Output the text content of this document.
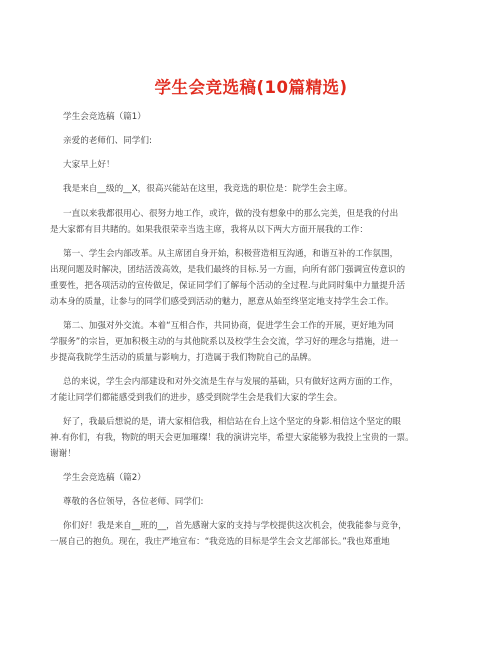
学生会竞选稿(10篇精选)
学生会竞选稿（篇1）
亲爱的老师们、同学们:
大家早上好！
我是来自__级的__X，很高兴能站在这里，我竞选的职位是：院学生会主席。
一直以来我都很用心、很努力地工作，或许，做的没有想象中的那么完美，但是我的付出
是大家都有目共睹的。如果我很荣幸当选主席，我将从以下两大方面开展我的工作：
第一、学生会内部改革。从主席团自身开始，积极营造相互沟通，和谐互补的工作氛围，
出现问题及时解决，团结活泼高效，是我们最终的目标.另一方面，向所有部门强调宣传意识的
重要性，把各项活动的宣传做足，保证同学们了解每个活动的全过程.与此同时集中力量提升活
动本身的质量，让参与的同学们感受到活动的魅力，愿意从始至终坚定地支持学生会工作。
第二、加强对外交流。本着“互相合作，共同协商，促进学生会工作的开展，更好地为同
学服务”的宗旨，更加积极主动的与其他院系以及校学生会交流，学习好的理念与措施，进一
步提高我院学生活动的质量与影响力，打造属于我们物院自己的品牌。
总的来说，学生会内部建设和对外交流是生存与发展的基础，只有做好这两方面的工作，
才能让同学们都能感受到我们的进步，感受到院学生会是我们大家的学生会。
好了，我最后想说的是，请大家相信我，相信站在台上这个坚定的身影.相信这个坚定的眼
神.有你们，有我，物院的明天会更加璀璨！我的演讲完毕，希望大家能够为我投上宝贵的一票。
谢谢！
学生会竞选稿（篇2）
尊敬的各位领导，各位老师、同学们:
你们好！我是来自__班的__，首先感谢大家的支持与学校提供这次机会，使我能参与竞争，
一展自己的抱负。现在，我庄严地宣布：“我竞选的目标是学生会文艺部部长。”我也郑重地
